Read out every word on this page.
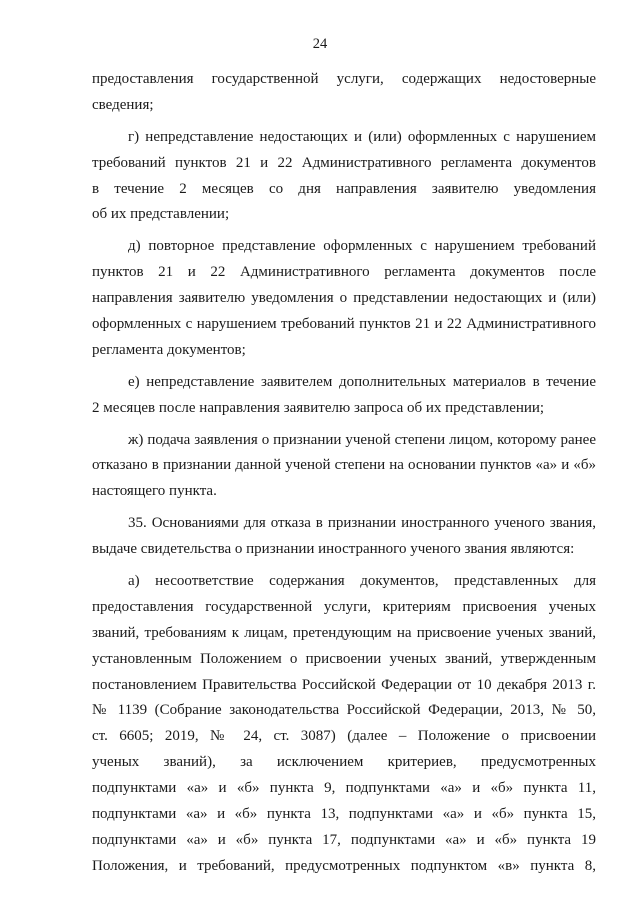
24
предоставления государственной услуги, содержащих недостоверные
сведения;
г) непредставление недостающих и (или) оформленных с нарушением
требований пунктов 21 и 22 Административного регламента документов
в течение 2 месяцев со дня направления заявителю уведомления
об их представлении;
д) повторное представление оформленных с нарушением требований
пунктов 21 и 22 Административного регламента документов после
направления заявителю уведомления о представлении недостающих и (или)
оформленных с нарушением требований пунктов 21 и 22 Административного
регламента документов;
е) непредставление заявителем дополнительных материалов в течение
2 месяцев после направления заявителю запроса об их представлении;
ж) подача заявления о признании ученой степени лицом, которому ранее
отказано в признании данной ученой степени на основании пунктов «а» и «б»
настоящего пункта.
35. Основаниями для отказа в признании иностранного ученого звания,
выдаче свидетельства о признании иностранного ученого звания являются:
а) несоответствие содержания документов, представленных для
предоставления государственной услуги, критериям присвоения ученых
званий, требованиям к лицам, претендующим на присвоение ученых званий,
установленным Положением о присвоении ученых званий, утвержденным
постановлением Правительства Российской Федерации от 10 декабря 2013 г.
№ 1139 (Собрание законодательства Российской Федерации, 2013, № 50,
ст. 6605; 2019, № 24, ст. 3087) (далее – Положение о присвоении
ученых званий), за исключением критериев, предусмотренных
подпунктами «а» и «б» пункта 9, подпунктами «а» и «б» пункта 11,
подпунктами «а» и «б» пункта 13, подпунктами «а» и «б» пункта 15,
подпунктами «а» и «б» пункта 17, подпунктами «а» и «б» пункта 19
Положения, и требований, предусмотренных подпунктом «в» пункта 8,
